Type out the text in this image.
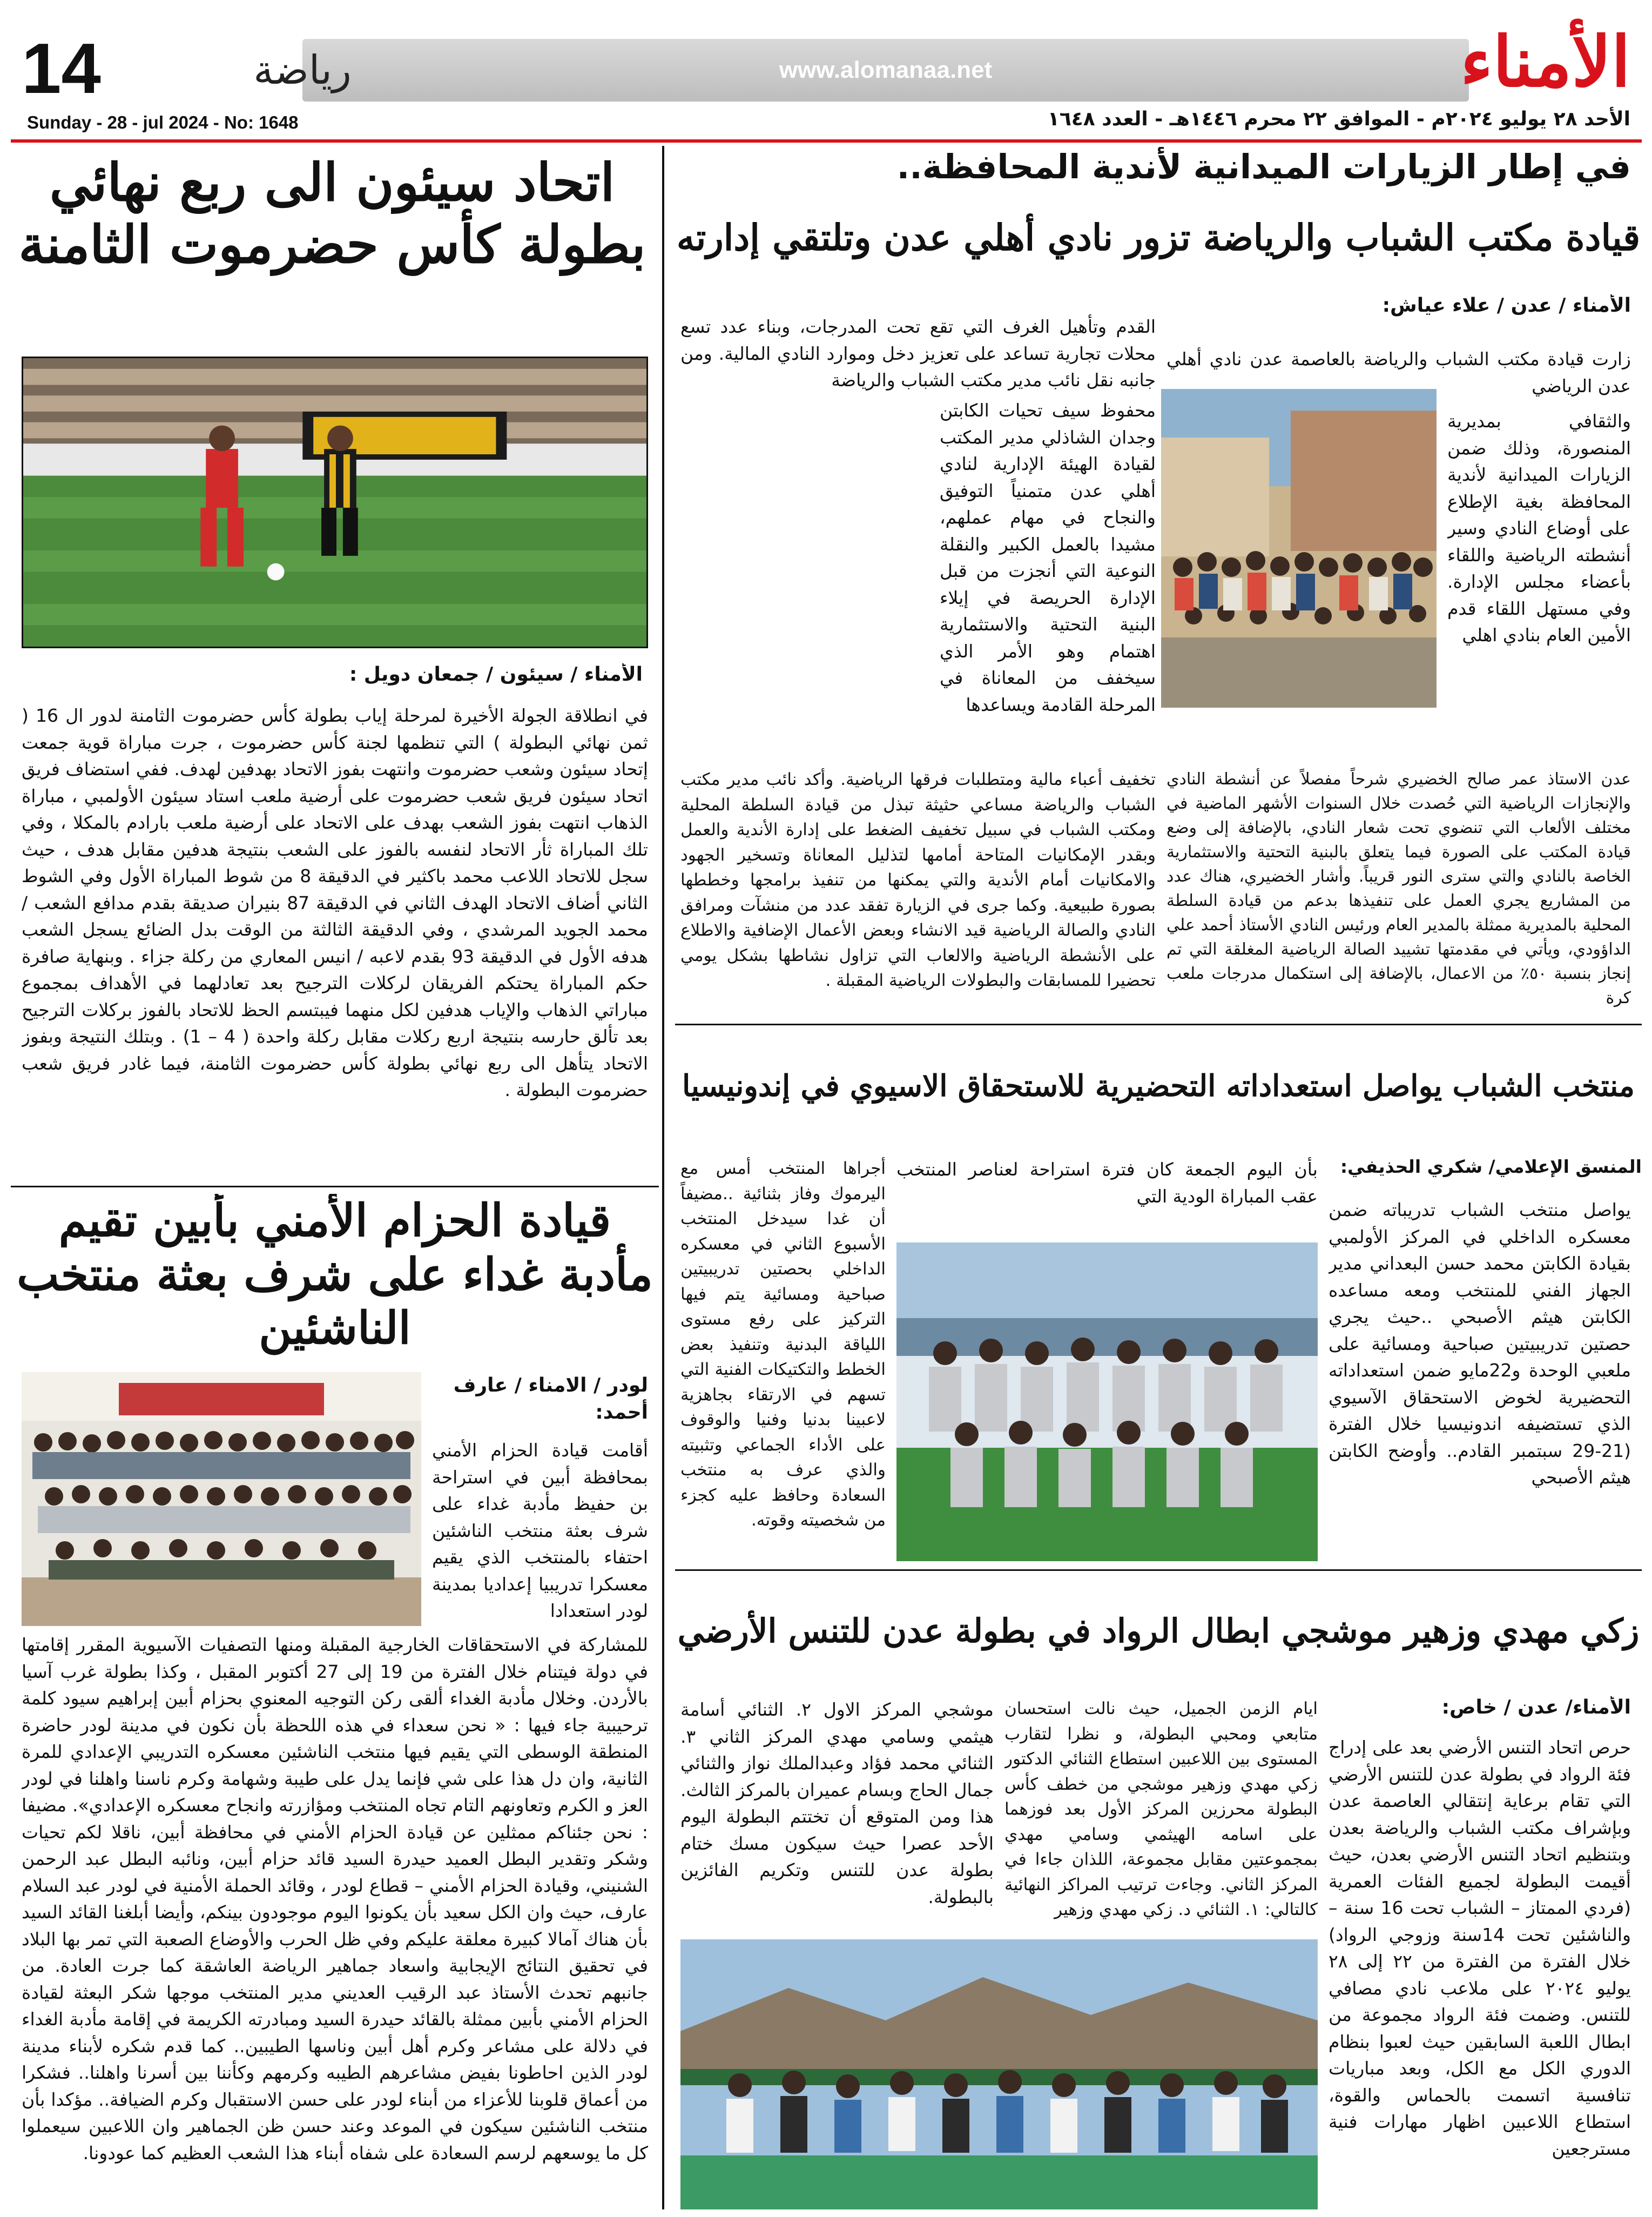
www.alomanaa.net	الأمناء
رياضة
14
Sunday - 28 - jul 2024 - No: 1648	الأحد ٢٨ يوليو ٢٠٢٤م - الموافق ٢٢ محرم ١٤٤٦هـ - العدد ١٦٤٨
في إطار الزيارات الميدانية لأندية المحافظة..
قيادة مكتب الشباب والرياضة تزور نادي أهلي عدن وتلتقي إدارته
الأمناء / عدن / علاء عياش:
زارت قيادة مكتب الشباب والرياضة بالعاصمة عدن نادي أهلي عدن الرياضي
والثقافي بمديرية المنصورة، وذلك ضمن الزيارات الميدانية لأندية المحافظة بغية الإطلاع على أوضاع النادي وسير أنشطته الرياضية واللقاء بأعضاء مجلس الإدارة. وفي مستهل اللقاء قدم الأمين العام بنادي اهلي
القدم وتأهيل الغرف التي تقع تحت المدرجات، وبناء عدد تسع محلات تجارية تساعد على تعزيز دخل وموارد النادي المالية. ومن جانبه نقل نائب مدير مكتب الشباب والرياضة
محفوظ سيف تحيات الكابتن وجدان الشاذلي مدير المكتب لقيادة الهيئة الإدارية لنادي أهلي عدن متمنياً التوفيق والنجاح في مهام عملهم، مشيدا بالعمل الكبير والنقلة النوعية التي أنجزت من قبل الإدارة الحريصة في إيلاء البنية التحتية والاستثمارية اهتمام وهو الأمر الذي سيخفف من المعاناة في المرحلة القادمة ويساعدها
عدن الاستاذ عمر صالح الخضيري شرحاً مفصلاً عن أنشطة النادي والإنجازات الرياضية التي حُصدت خلال السنوات الأشهر الماضية في مختلف الألعاب التي تنضوي تحت شعار النادي، بالإضافة إلى وضع قيادة المكتب على الصورة فيما يتعلق بالبنية التحتية والاستثمارية الخاصة بالنادي والتي سترى النور قريباً. وأشار الخضيري، هناك عدد من المشاريع يجري العمل على تنفيذها بدعم من قيادة السلطة المحلية بالمديرية ممثلة بالمدير العام ورئيس النادي الأستاذ أحمد علي الداؤودي، ويأتي في مقدمتها تشييد الصالة الرياضية المغلقة التي تم إنجاز بنسبة ٥٠٪ من الاعمال، بالإضافة إلى استكمال مدرجات ملعب كرة
تخفيف أعباء مالية ومتطلبات فرقها الرياضية. وأكد نائب مدير مكتب الشباب والرياضة مساعي حثيثة تبذل من قيادة السلطة المحلية ومكتب الشباب في سبيل تخفيف الضغط على إدارة الأندية والعمل وبقدر الإمكانيات المتاحة أمامها لتذليل المعاناة وتسخير الجهود والامكانيات أمام الأندية والتي يمكنها من تنفيذ برامجها وخططها بصورة طبيعية. وكما جرى في الزيارة تفقد عدد من منشآت ومرافق النادي والصالة الرياضية قيد الانشاء وبعض الأعمال الإضافية والاطلاع على الأنشطة الرياضية والالعاب التي تزاول نشاطها بشكل يومي تحضيرا للمسابقات والبطولات الرياضية المقبلة .
اتحاد سيئون الى ربع نهائي بطولة كأس حضرموت الثامنة
الأمناء / سيئون / جمعان دويل :
في انطلاقة الجولة الأخيرة لمرحلة إياب بطولة كأس حضرموت الثامنة لدور ال 16 ( ثمن نهائي البطولة ) التي تنظمها لجنة كأس حضرموت ، جرت مباراة قوية جمعت إتحاد سيئون وشعب حضرموت وانتهت بفوز الاتحاد بهدفين لهدف. ففي استضاف فريق اتحاد سيئون فريق شعب حضرموت على أرضية ملعب استاد سيئون الأولمبي ، مباراة الذهاب انتهت بفوز الشعب بهدف على الاتحاد على أرضية ملعب بارادم بالمكلا ، وفي تلك المباراة ثأر الاتحاد لنفسه بالفوز على الشعب بنتيجة هدفين مقابل هدف ، حيث سجل للاتحاد اللاعب محمد باكثير في الدقيقة 8 من شوط المباراة الأول وفي الشوط الثاني أضاف الاتحاد الهدف الثاني في الدقيقة 87 بنيران صديقة بقدم مدافع الشعب / محمد الجويد المرشدي ، وفي الدقيقة الثالثة من الوقت بدل الضائع يسجل الشعب هدفه الأول في الدقيقة 93 بقدم لاعبه / انيس المعاري من ركلة جزاء . وبنهاية صافرة حكم المباراة يحتكم الفريقان لركلات الترجيح بعد تعادلهما في الأهداف بمجموع مباراتي الذهاب والإياب هدفين لكل منهما فيبتسم الحظ للاتحاد بالفوز بركلات الترجيح بعد تألق حارسه بنتيجة اربع ركلات مقابل ركلة واحدة ( 4 – 1) . وبتلك النتيجة وبفوز الاتحاد يتأهل الى ربع نهائي بطولة كأس حضرموت الثامنة، فيما غادر فريق شعب حضرموت البطولة . منتخب الشباب يواصل استعداداته التحضيرية للاستحقاق الاسيوي في إندونيسيا
المنسق الإعلامي/ شكري الحذيفي:
يواصل منتخب الشباب تدريباته ضمن معسكره الداخلي في المركز الأولمبي بقيادة الكابتن محمد حسن البعداني مدير الجهاز الفني للمنتخب ومعه مساعده الكابتن هيثم الأصبحي ..حيث يجري حصتين تدريبيتين صباحية ومسائية على ملعبي الوحدة و22مايو ضمن استعداداته التحضيرية لخوض الاستحقاق الآسيوي الذي تستضيفه اندونيسيا خلال الفترة (21-29 سبتمبر القادم.. وأوضح الكابتن هيثم الأصبحي
بأن اليوم الجمعة كان فترة استراحة لعناصر المنتخب عقب المباراة الودية التي
أجراها المنتخب أمس مع اليرموك وفاز بثنائية ..مضيفاً أن غدا سيدخل المنتخب الأسبوع الثاني في معسكره الداخلي بحصتين تدريبيتين صباحية ومسائية يتم فيها التركيز على رفع مستوى اللياقة البدنية وتنفيذ بعض الخطط والتكتيكات الفنية التي تسهم في الارتقاء بجاهزية لاعبينا بدنيا وفنيا والوقوف على الأداء الجماعي وتثبيته والذي عرف به منتخب السعادة وحافظ عليه كجزء من شخصيته وقوته.
قيادة الحزام الأمني بأبين تقيم مأدبة غداء على شرف بعثة منتخب الناشئين
لودر / الامناء / عارف أحمد:
أقامت قيادة الحزام الأمني بمحافظة أبين في استراحة بن حفيظ مأدبة غداء على شرف بعثة منتخب الناشئين احتفاء بالمنتخب الذي يقيم معسكرا تدريبيا إعداديا بمدينة لودر استعدادا
للمشاركة في الاستحقاقات الخارجية المقبلة ومنها التصفيات الآسيوية المقرر إقامتها في دولة فيتنام خلال الفترة من 19 إلى 27 أكتوبر المقبل ، وكذا بطولة غرب آسيا بالأردن. وخلال مأدبة الغداء ألقى ركن التوجيه المعنوي بحزام أبين إبراهيم سيود كلمة ترحيبية جاء فيها : « نحن سعداء في هذه اللحظة بأن نكون في مدينة لودر حاضرة المنطقة الوسطى التي يقيم فيها منتخب الناشئين معسكره التدريبي الإعدادي للمرة الثانية، وان دل هذا على شي فإنما يدل على طيبة وشهامة وكرم ناسنا واهلنا في لودر العز و الكرم وتعاونهم التام تجاه المنتخب ومؤازرته وانجاح معسكره الإعدادي». مضيفا : نحن جئناكم ممثلين عن قيادة الحزام الأمني في محافظة أبين، ناقلا لكم تحيات وشكر وتقدير البطل العميد حيدرة السيد قائد حزام أبين، ونائبه البطل عبد الرحمن الشنيني، وقيادة الحزام الأمني – قطاع لودر ، وقائد الحملة الأمنية في لودر عبد السلام عارف، حيث وان الكل سعيد بأن يكونوا اليوم موجودون بينكم، وأيضا أبلغنا القائد السيد بأن هناك آمالا كبيرة معلقة عليكم وفي ظل الحرب والأوضاع الصعبة التي تمر بها البلاد في تحقيق النتائج الإيجابية واسعاد جماهير الرياضة العاشقة كما جرت العادة. من جانبهم تحدث الأستاذ عبد الرقيب العديني مدير المنتخب موجها شكر البعثة لقيادة الحزام الأمني بأبين ممثلة بالقائد حيدرة السيد ومبادرته الكريمة في إقامة مأدبة الغداء في دلالة على مشاعر وكرم أهل أبين وناسها الطيبين.. كما قدم شكره لأبناء مدينة لودر الذين احاطونا بفيض مشاعرهم الطيبه وكرمهم وكأننا بين أسرنا واهلنا.. فشكرا من أعماق قلوبنا للأعزاء من أبناء لودر على حسن الاستقبال وكرم الضيافة.. مؤكدا بأن منتخب الناشئين سيكون في الموعد وعند حسن ظن الجماهير وان اللاعبين سيعملوا كل ما يوسعهم لرسم السعادة على شفاه أبناء هذا الشعب العظيم كما عودونا.
زكي مهدي وزهير موشجي ابطال الرواد في بطولة عدن للتنس الأرضي
الأمناء/ عدن / خاص:
حرص اتحاد التنس الأرضي بعد على إدراج فئة الرواد في بطولة عدن للتنس الأرضي التي تقام برعاية إنتقالي العاصمة عدن وبإشراف مكتب الشباب والرياضة بعدن وبتنظيم اتحاد التنس الأرضي بعدن، حيث أقيمت البطولة لجميع الفئات العمرية (فردي الممتاز – الشباب تحت 16 سنة – والناشئين تحت 14سنة وزوجي الرواد) خلال الفترة من الفترة من ٢٢ إلى ٢٨ يوليو ٢٠٢٤ على ملاعب نادي مصافي للتنس. وضمت فئة الرواد مجموعة من ابطال اللعبة السابقين حيث لعبوا بنظام الدوري الكل مع الكل، وبعد مباريات تنافسية اتسمت بالحماس والقوة، استطاع اللاعبين اظهار مهارات فنية مسترجعين
ايام الزمن الجميل، حيث نالت استحسان متابعي ومحبي البطولة، و نظرا لتقارب المستوى بين اللاعبين استطاع الثنائي الدكتور زكي مهدي وزهير موشجي من خطف كأس البطولة محرزين المركز الأول بعد فوزهما على اسامه الهيثمي وسامي مهدي بمجموعتين مقابل مجموعة، اللذان جاءا في المركز الثاني. وجاءت ترتيب المراكز النهائية كالتالي: ١. الثنائي د. زكي مهدي وزهير
موشجي المركز الاول ٢. الثنائي أسامة هيثمي وسامي مهدي المركز الثاني ٣. الثنائي محمد فؤاد وعبدالملك نواز والثنائي جمال الحاج وبسام عميران بالمركز الثالث. هذا ومن المتوقع أن تختتم البطولة اليوم الأحد عصرا حيث سيكون مسك ختام بطولة عدن للتنس وتكريم الفائزين بالبطولة.
